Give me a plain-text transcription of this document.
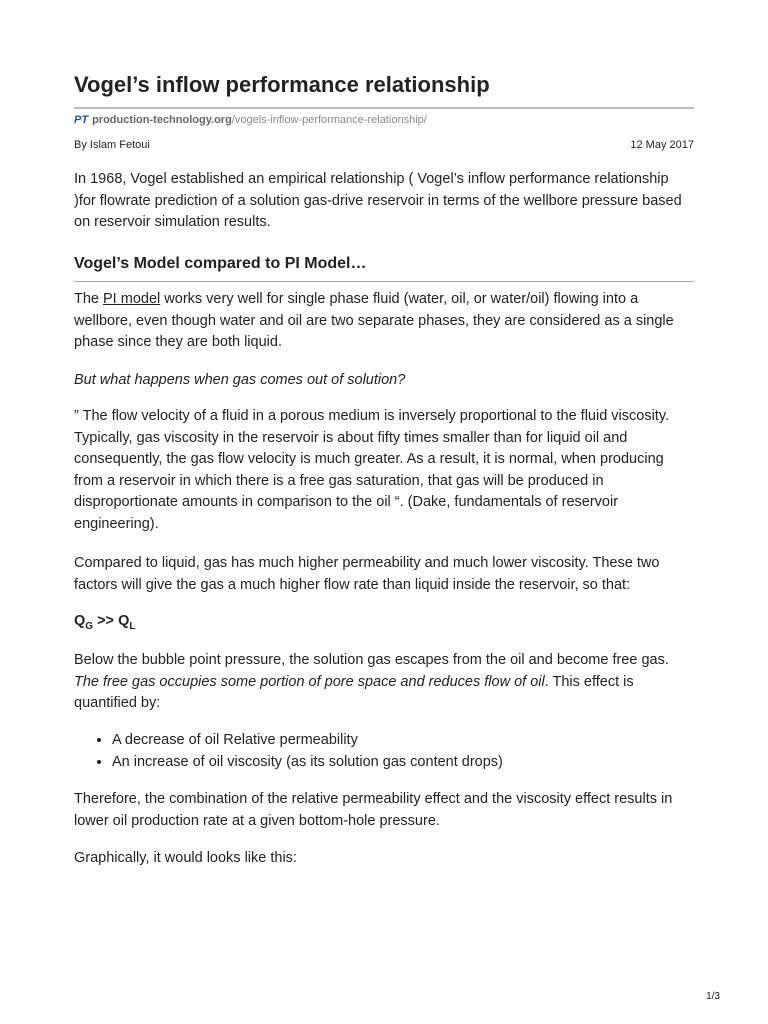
Vogel’s inflow performance relationship
PT production-technology.org/vogels-inflow-performance-relationship/
By Islam Fetoui	12 May 2017

In 1968, Vogel established an empirical relationship ( Vogel’s inflow performance relationship )for flowrate prediction of a solution gas-drive reservoir in terms of the wellbore pressure based on reservoir simulation results.

Vogel’s Model compared to PI Model…

The PI model works very well for single phase fluid (water, oil, or water/oil) flowing into a wellbore, even though water and oil are two separate phases, they are considered as a single phase since they are both liquid.

But what happens when gas comes out of solution?

” The flow velocity of a fluid in a porous medium is inversely proportional to the fluid viscosity. Typically, gas viscosity in the reservoir is about fifty times smaller than for liquid oil and consequently, the gas flow velocity is much greater. As a result, it is normal, when producing from a reservoir in which there is a free gas saturation, that gas will be produced in disproportionate amounts in comparison to the oil “. (Dake, fundamentals of reservoir engineering).

Compared to liquid, gas has much higher permeability and much lower viscosity. These two factors will give the gas a much higher flow rate than liquid inside the reservoir, so that:

$Q_G >> Q_L$

Below the bubble point pressure, the solution gas escapes from the oil and become free gas. The free gas occupies some portion of pore space and reduces flow of oil. This effect is quantified by:

• A decrease of oil Relative permeability
• An increase of oil viscosity (as its solution gas content drops)

Therefore, the combination of the relative permeability effect and the viscosity effect results in lower oil production rate at a given bottom-hole pressure.

Graphically, it would looks like this:

1/3
